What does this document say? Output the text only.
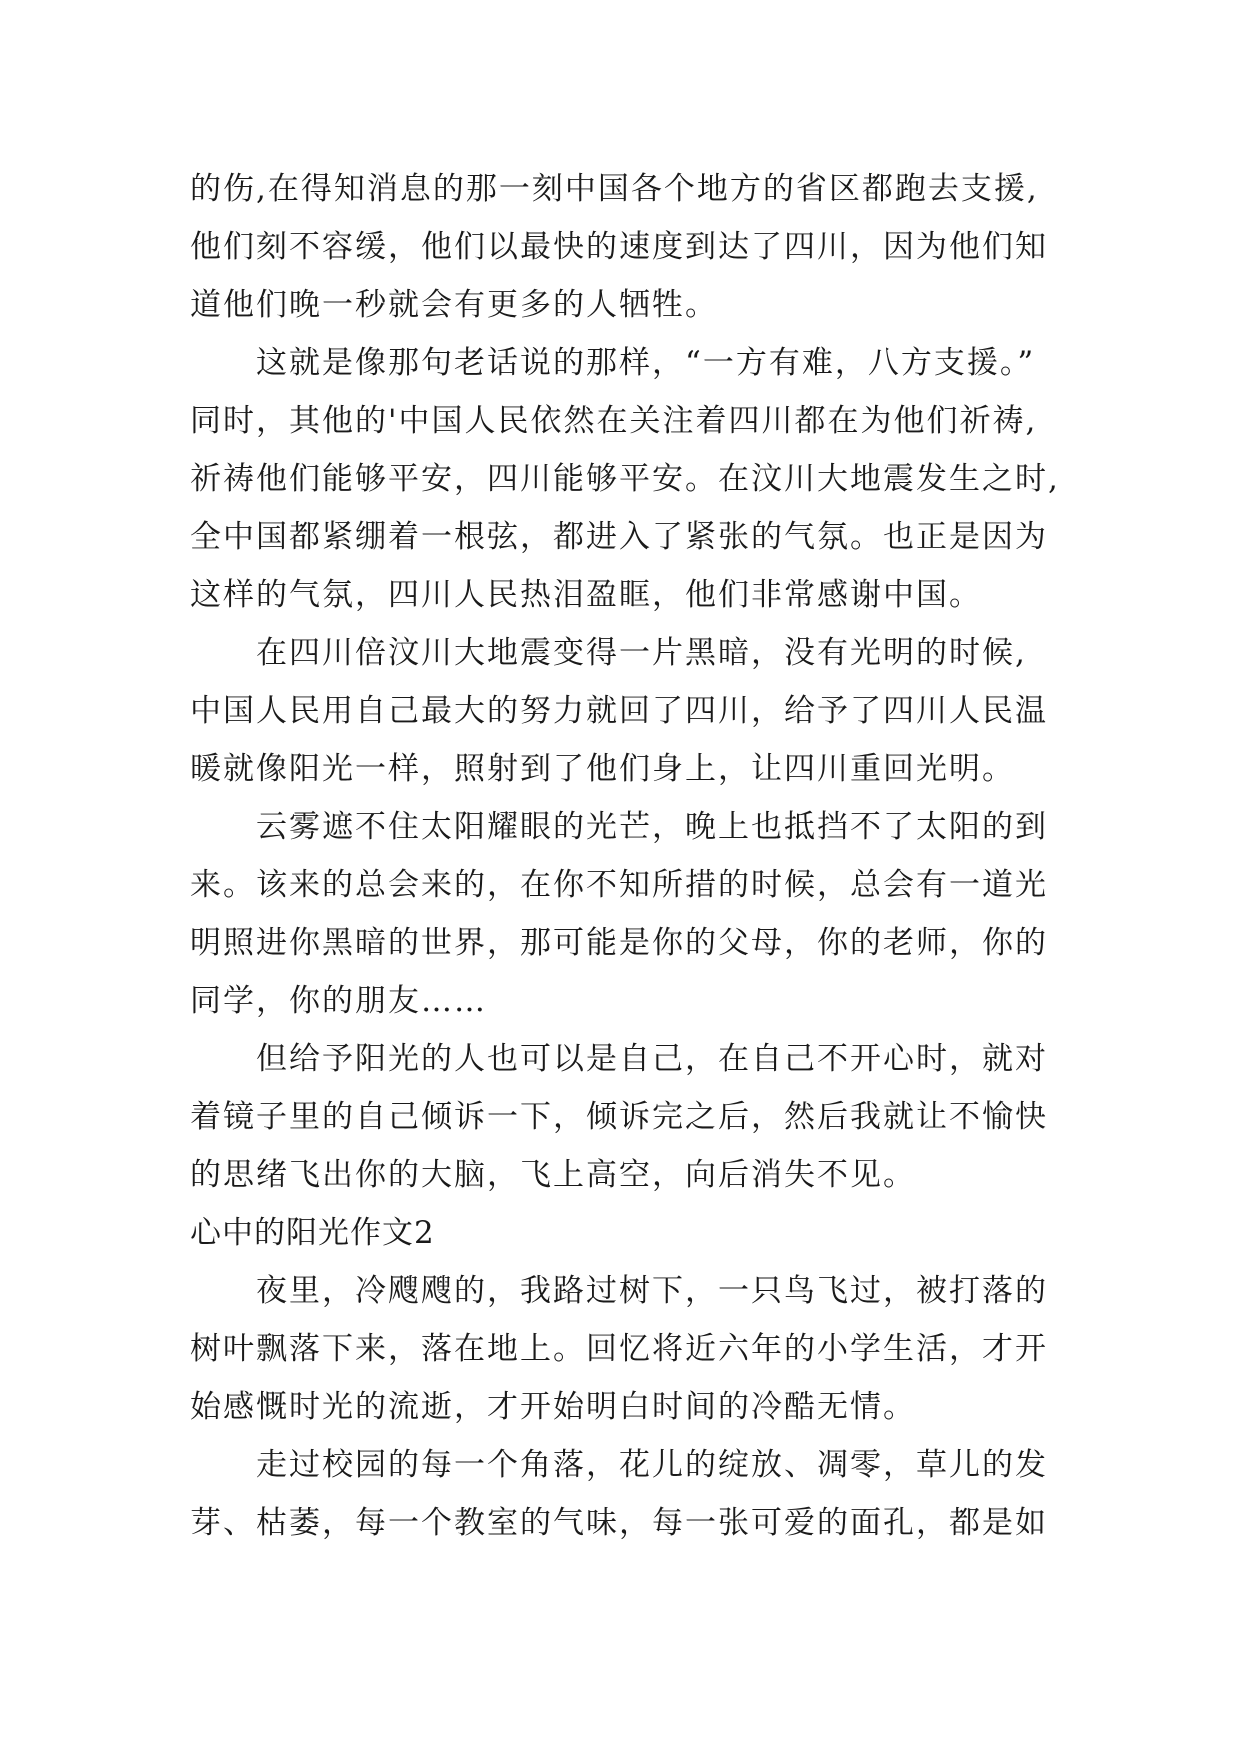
的伤,在得知消息的那一刻中国各个地方的省区都跑去支援,
他们刻不容缓，他们以最快的速度到达了四川，因为他们知
道他们晚一秒就会有更多的人牺牲。
这就是像那句老话说的那样，“一方有难，八方支援。”
同时，其他的'中国人民依然在关注着四川都在为他们祈祷,
祈祷他们能够平安，四川能够平安。在汶川大地震发生之时,
全中国都紧绷着一根弦，都进入了紧张的气氛。也正是因为
这样的气氛，四川人民热泪盈眶，他们非常感谢中国。
在四川倍汶川大地震变得一片黑暗，没有光明的时候,
中国人民用自己最大的努力就回了四川，给予了四川人民温
暖就像阳光一样，照射到了他们身上，让四川重回光明。
云雾遮不住太阳耀眼的光芒，晚上也抵挡不了太阳的到
来。该来的总会来的，在你不知所措的时候，总会有一道光
明照进你黑暗的世界，那可能是你的父母，你的老师，你的
同学，你的朋友……
但给予阳光的人也可以是自己，在自己不开心时，就对
着镜子里的自己倾诉一下，倾诉完之后，然后我就让不愉快
的思绪飞出你的大脑，飞上高空，向后消失不见。
心中的阳光作文2
夜里，冷飕飕的，我路过树下，一只鸟飞过，被打落的
树叶飘落下来，落在地上。回忆将近六年的小学生活，才开
始感慨时光的流逝，才开始明白时间的冷酷无情。
走过校园的每一个角落，花儿的绽放、凋零，草儿的发
芽、枯萎，每一个教室的气味，每一张可爱的面孔，都是如
